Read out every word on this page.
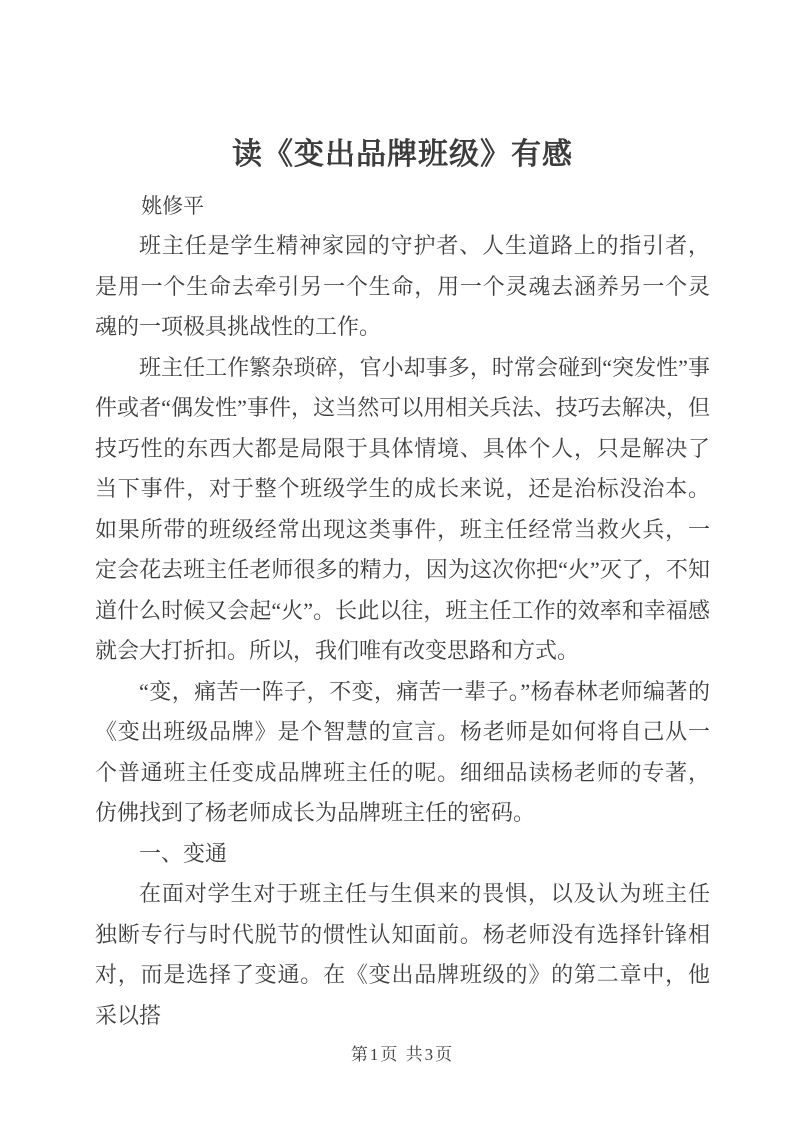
读《变出品牌班级》有感

姚修平

班主任是学生精神家园的守护者、人生道路上的指引者，是用一个生命去牵引另一个生命，用一个灵魂去涵养另一个灵魂的一项极具挑战性的工作。

班主任工作繁杂琐碎，官小却事多，时常会碰到“突发性”事件或者“偶发性”事件，这当然可以用相关兵法、技巧去解决，但技巧性的东西大都是局限于具体情境、具体个人，只是解决了当下事件，对于整个班级学生的成长来说，还是治标没治本。如果所带的班级经常出现这类事件，班主任经常当救火兵，一定会花去班主任老师很多的精力，因为这次你把“火”灭了，不知道什么时候又会起“火”。长此以往，班主任工作的效率和幸福感就会大打折扣。所以，我们唯有改变思路和方式。

“变，痛苦一阵子，不变，痛苦一辈子。”杨春林老师编著的《变出班级品牌》是个智慧的宣言。杨老师是如何将自己从一个普通班主任变成品牌班主任的呢。细细品读杨老师的专著，仿佛找到了杨老师成长为品牌班主任的密码。

一、变通

在面对学生对于班主任与生俱来的畏惧，以及认为班主任独断专行与时代脱节的惯性认知面前。杨老师没有选择针锋相对，而是选择了变通。在《变出品牌班级的》的第二章中，他采以搭

第1页 共3页
